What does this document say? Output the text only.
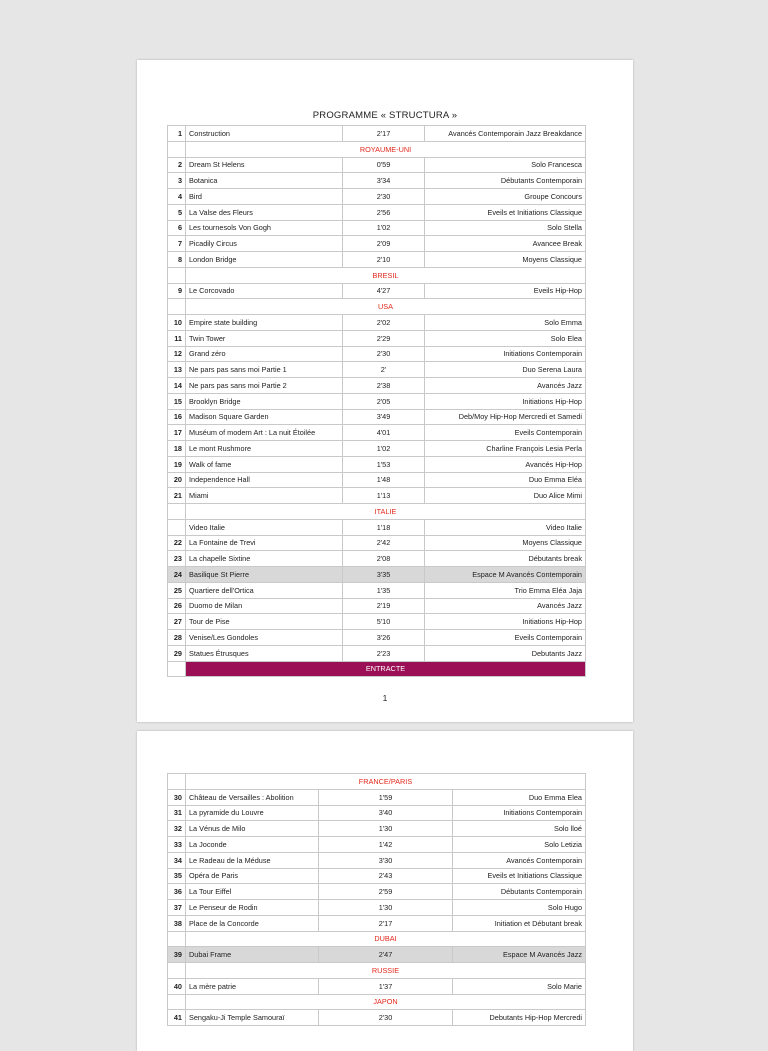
PROGRAMME « STRUCTURA »
1	Construction	2'17	Avancés Contemporain Jazz Breakdance
	ROYAUME-UNI		
2	Dream St Helens	0'59	Solo Francesca
3	Botanica	3'34	Débutants Contemporain
4	Bird	2'30	Groupe Concours
5	La Valse des Fleurs	2'56	Eveils et Initiations Classique
6	Les tournesols Von Gogh	1'02	Solo Stella
7	Picadily Circus	2'09	Avancee Break
8	London Bridge	2'10	Moyens Classique
	BRESIL		
9	Le Corcovado	4'27	Eveils Hip-Hop
	USA		
10	Empire state building	2'02	Solo Emma
11	Twin Tower	2'29	Solo Elea
12	Grand zéro	2'30	Initiations Contemporain
13	Ne pars pas sans moi Partie 1	2'	Duo Serena Laura
14	Ne pars pas sans moi Partie 2	2'38	Avancés Jazz
15	Brooklyn Bridge	2'05	Initiations Hip-Hop
16	Madison Square Garden	3'49	Deb/Moy Hip-Hop Mercredi et Samedi
17	Muséum of modern Art : La nuit Étoilée	4'01	Eveils Contemporain
18	Le mont Rushmore	1'02	Charline François Lesia Perla
19	Walk of fame	1'53	Avancés Hip-Hop
20	Independence Hall	1'48	Duo Emma Eléa
21	Miami	1'13	Duo Alice Mimi
	ITALIE		
	Video Italie	1'18	Video Italie
22	La Fontaine de Trevi	2'42	Moyens Classique
23	La chapelle Sixtine	2'08	Débutants break
24	Basilique St Pierre	3'35	Espace M Avancés Contemporain
25	Quartiere dell'Ortica	1'35	Trio Emma Eléa Jaja
26	Duomo de Milan	2'19	Avancés Jazz
27	Tour de Pise	5'10	Initiations Hip-Hop
28	Venise/Les Gondoles	3'26	Eveils Contemporain
29	Statues Étrusques	2'23	Debutants Jazz
	ENTRACTE		
1
	FRANCE/PARIS		
30	Château de Versailles : Abolition	1'59	Duo Emma Elea
31	La pyramide du Louvre	3'40	Initiations Contemporain
32	La Vénus de Milo	1'30	Solo lloé
33	La Joconde	1'42	Solo Letizia
34	Le Radeau de la Méduse	3'30	Avancés Contemporain
35	Opéra de Paris	2'43	Eveils et Initiations Classique
36	La Tour Eiffel	2'59	Débutants Contemporain
37	Le Penseur de Rodin	1'30	Solo Hugo
38	Place de la Concorde	2'17	Initiation et Débutant break
	DUBAI		
39	Dubai Frame	2'47	Espace M Avancés Jazz
	RUSSIE		
40	La mère patrie	1'37	Solo Marie
	JAPON		
41	Sengaku-Ji Temple Samouraï	2'30	Debutants Hip-Hop Mercredi
